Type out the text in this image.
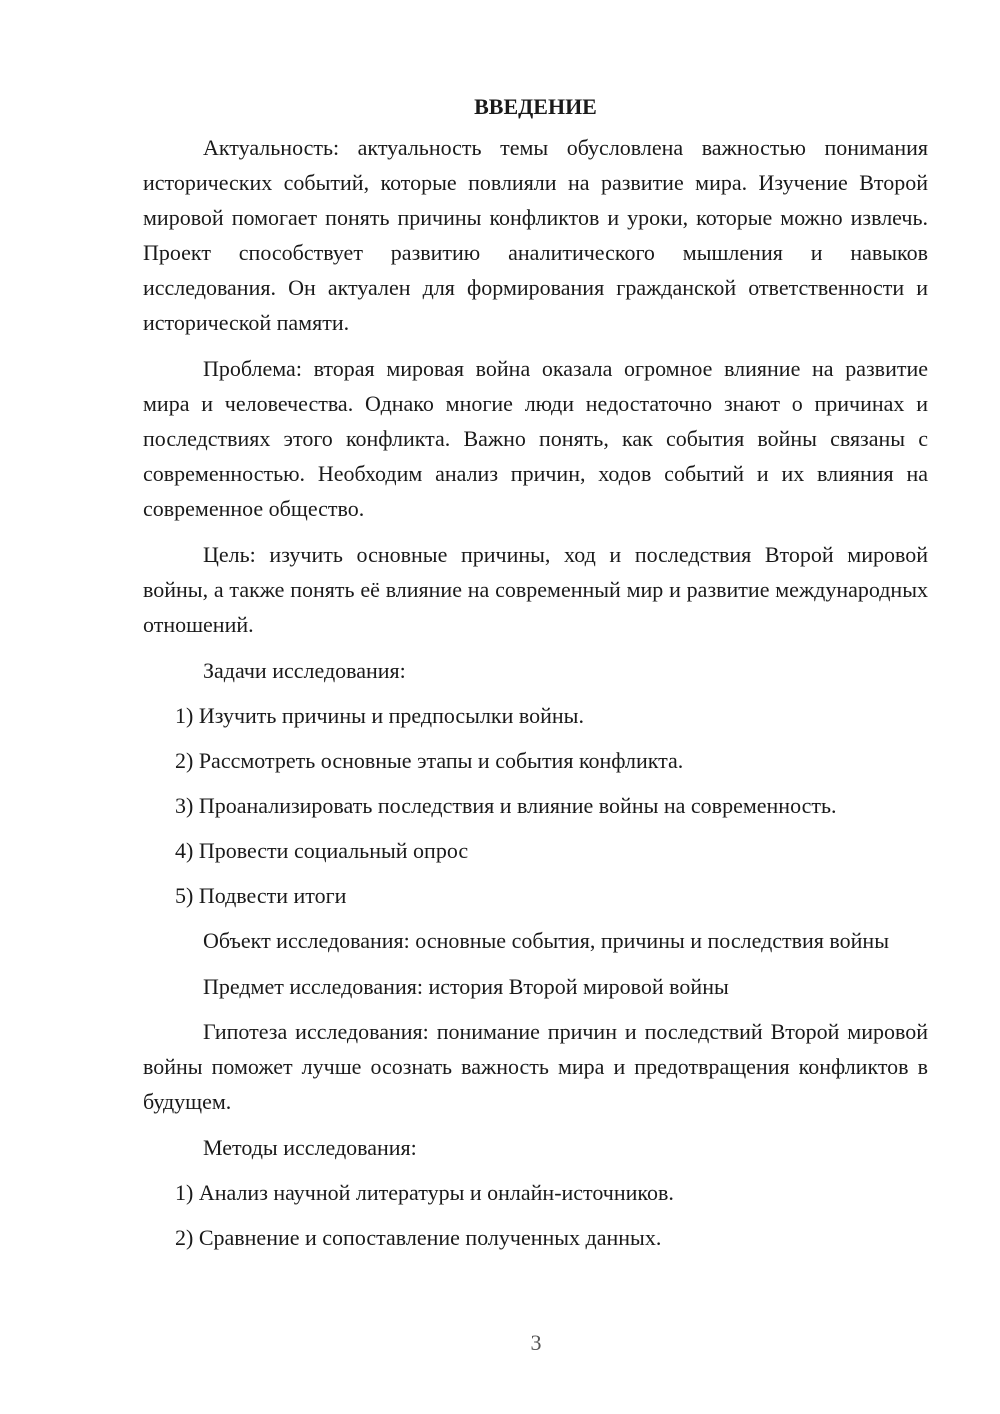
ВВЕДЕНИЕ

Актуальность: актуальность темы обусловлена важностью понимания исторических событий, которые повлияли на развитие мира. Изучение Второй мировой помогает понять причины конфликтов и уроки, которые можно извлечь. Проект способствует развитию аналитического мышления и навыков исследования. Он актуален для формирования гражданской ответственности и исторической памяти.

Проблема: вторая мировая война оказала огромное влияние на развитие мира и человечества. Однако многие люди недостаточно знают о причинах и последствиях этого конфликта. Важно понять, как события войны связаны с современностью. Необходим анализ причин, ходов событий и их влияния на современное общество.

Цель: изучить основные причины, ход и последствия Второй мировой войны, а также понять её влияние на современный мир и развитие международных отношений.

Задачи исследования:
1) Изучить причины и предпосылки войны.
2) Рассмотреть основные этапы и события конфликта.
3) Проанализировать последствия и влияние войны на современность.
4) Провести социальный опрос
5) Подвести итоги

Объект исследования: основные события, причины и последствия войны

Предмет исследования: история Второй мировой войны

Гипотеза исследования: понимание причин и последствий Второй мировой войны поможет лучше осознать важность мира и предотвращения конфликтов в будущем.

Методы исследования:
1) Анализ научной литературы и онлайн-источников.
2) Сравнение и сопоставление полученных данных.
3
